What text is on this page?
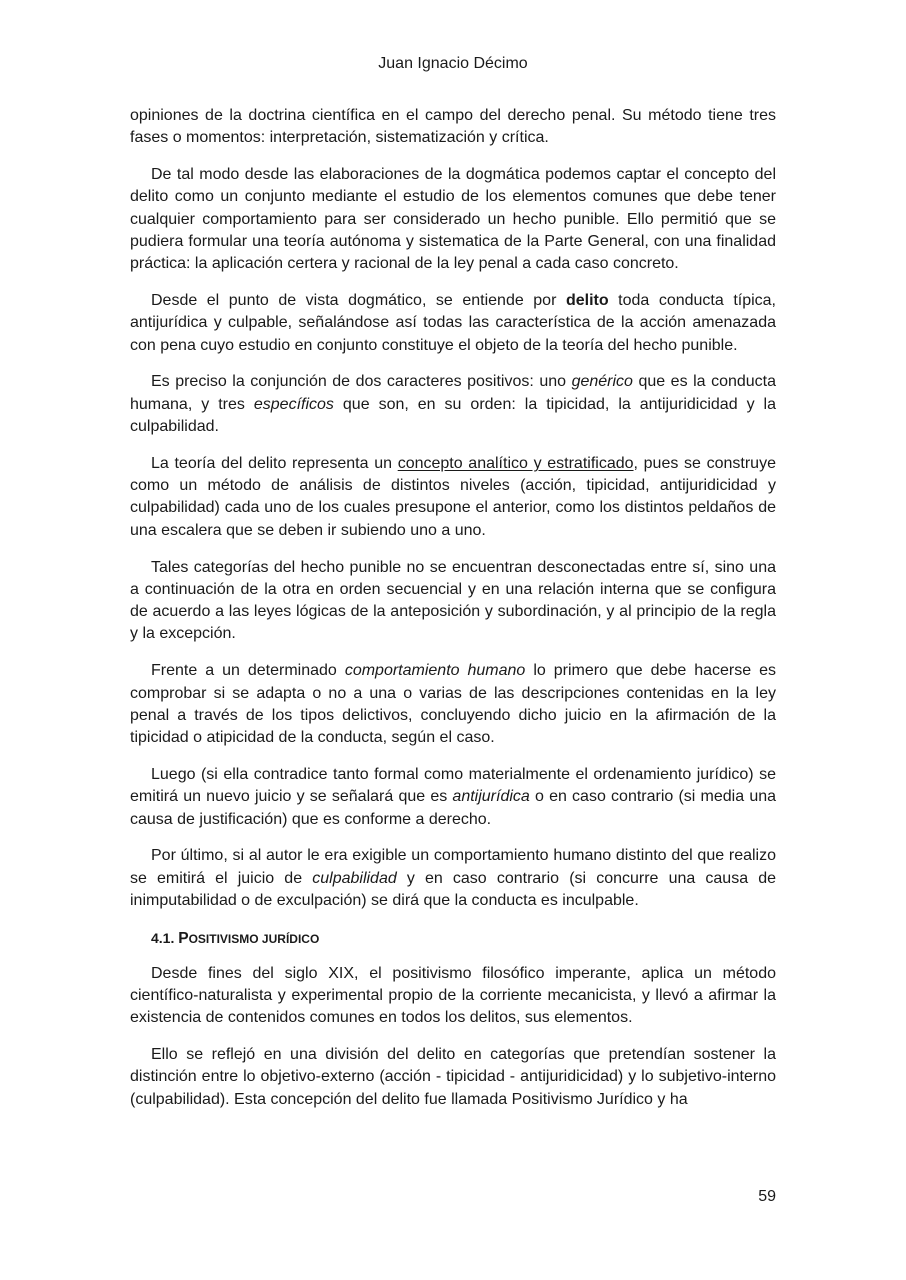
Juan Ignacio Décimo

opiniones de la doctrina científica en el campo del derecho penal. Su método tiene tres fases o momentos: interpretación, sistematización y crítica.

De tal modo desde las elaboraciones de la dogmática podemos captar el concepto del delito como un conjunto mediante el estudio de los elementos comunes que debe tener cualquier comportamiento para ser considerado un hecho punible. Ello permitió que se pudiera formular una teoría autónoma y sistematica de la Parte General, con una finalidad práctica: la aplicación certera y racional de la ley penal a cada caso concreto.

Desde el punto de vista dogmático, se entiende por delito toda conducta típica, antijurídica y culpable, señalándose así todas las característica de la acción amenazada con pena cuyo estudio en conjunto constituye el objeto de la teoría del hecho punible.

Es preciso la conjunción de dos caracteres positivos: uno genérico que es la conducta humana, y tres específicos que son, en su orden: la tipicidad, la antijuridicidad y la culpabilidad.

La teoría del delito representa un concepto analítico y estratificado, pues se construye como un método de análisis de distintos niveles (acción, tipicidad, antijuridicidad y culpabilidad) cada uno de los cuales presupone el anterior, como los distintos peldaños de una escalera que se deben ir subiendo uno a uno.

Tales categorías del hecho punible no se encuentran desconectadas entre sí, sino una a continuación de la otra en orden secuencial y en una relación interna que se configura de acuerdo a las leyes lógicas de la anteposición y subordinación, y al principio de la regla y la excepción.

Frente a un determinado comportamiento humano lo primero que debe hacerse es comprobar si se adapta o no a una o varias de las descripciones contenidas en la ley penal a través de los tipos delictivos, concluyendo dicho juicio en la afirmación de la tipicidad o atipicidad de la conducta, según el caso.

Luego (si ella contradice tanto formal como materialmente el ordenamiento jurídico) se emitirá un nuevo juicio y se señalará que es antijurídica o en caso contrario (si media una causa de justificación) que es conforme a derecho.

Por último, si al autor le era exigible un comportamiento humano distinto del que realizo se emitirá el juicio de culpabilidad y en caso contrario (si concurre una causa de inimputabilidad o de exculpación) se dirá que la conducta es inculpable.

4.1. POSITIVISMO JURÍDICO

Desde fines del siglo XIX, el positivismo filosófico imperante, aplica un método científico-naturalista y experimental propio de la corriente mecanicista, y llevó a afirmar la existencia de contenidos comunes en todos los delitos, sus elementos.

Ello se reflejó en una división del delito en categorías que pretendían sostener la distinción entre lo objetivo-externo (acción - tipicidad - antijuridicidad) y lo subjetivo-interno (culpabilidad). Esta concepción del delito fue llamada Positivismo Jurídico y ha

59
